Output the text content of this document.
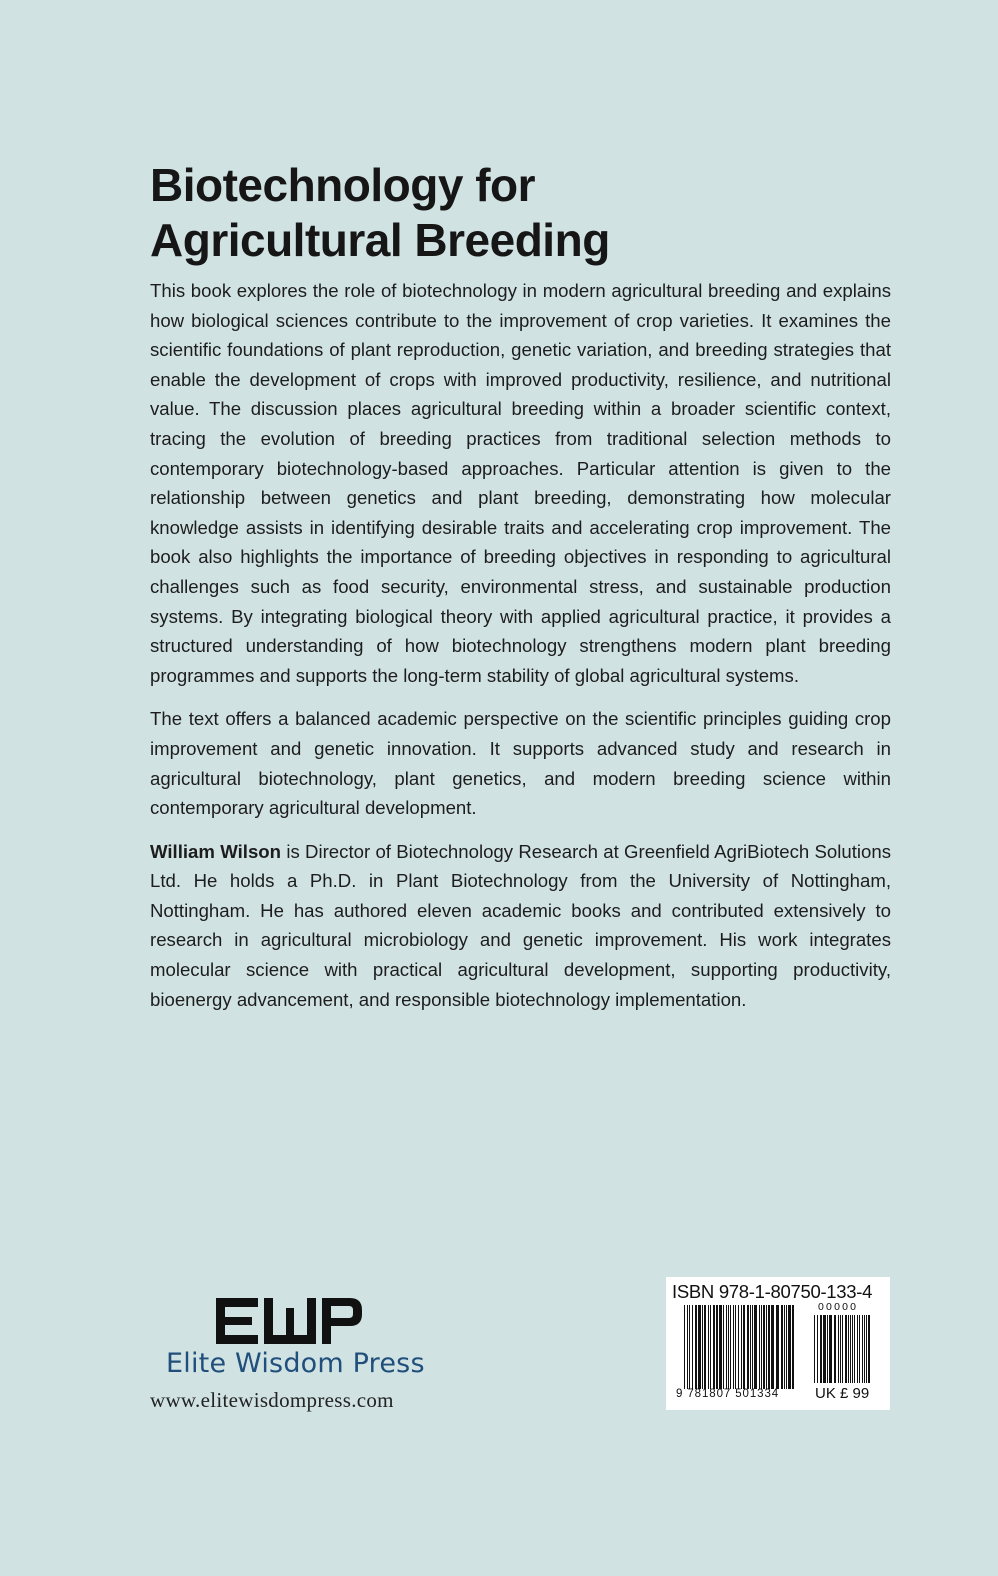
Biotechnology for
Agricultural Breeding

This book explores the role of biotechnology in modern agricultural breeding and explains how biological sciences contribute to the improvement of crop varieties. It examines the scientific foundations of plant reproduction, genetic variation, and breeding strategies that enable the development of crops with improved productivity, resilience, and nutritional value. The discussion places agricultural breeding within a broader scientific context, tracing the evolution of breeding practices from traditional selection methods to contemporary biotechnology-based approaches. Particular attention is given to the relationship between genetics and plant breeding, demonstrating how molecular knowledge assists in identifying desirable traits and accelerating crop improvement. The book also highlights the importance of breeding objectives in responding to agricultural challenges such as food security, environmental stress, and sustainable production systems. By integrating biological theory with applied agricultural practice, it provides a structured understanding of how biotechnology strengthens modern plant breeding programmes and supports the long-term stability of global agricultural systems.

The text offers a balanced academic perspective on the scientific principles guiding crop improvement and genetic innovation. It supports advanced study and research in agricultural biotechnology, plant genetics, and modern breeding science within contemporary agricultural development.

William Wilson is Director of Biotechnology Research at Greenfield AgriBiotech Solutions Ltd. He holds a Ph.D. in Plant Biotechnology from the University of Nottingham, Nottingham. He has authored eleven academic books and contributed extensively to research in agricultural microbiology and genetic improvement. His work integrates molecular science with practical agricultural development, supporting productivity, bioenergy advancement, and responsible biotechnology implementation.

Elite Wisdom Press
www.elitewisdompress.com
ISBN 978-1-80750-133-4
00000
9 781807 501334 UK £ 99
